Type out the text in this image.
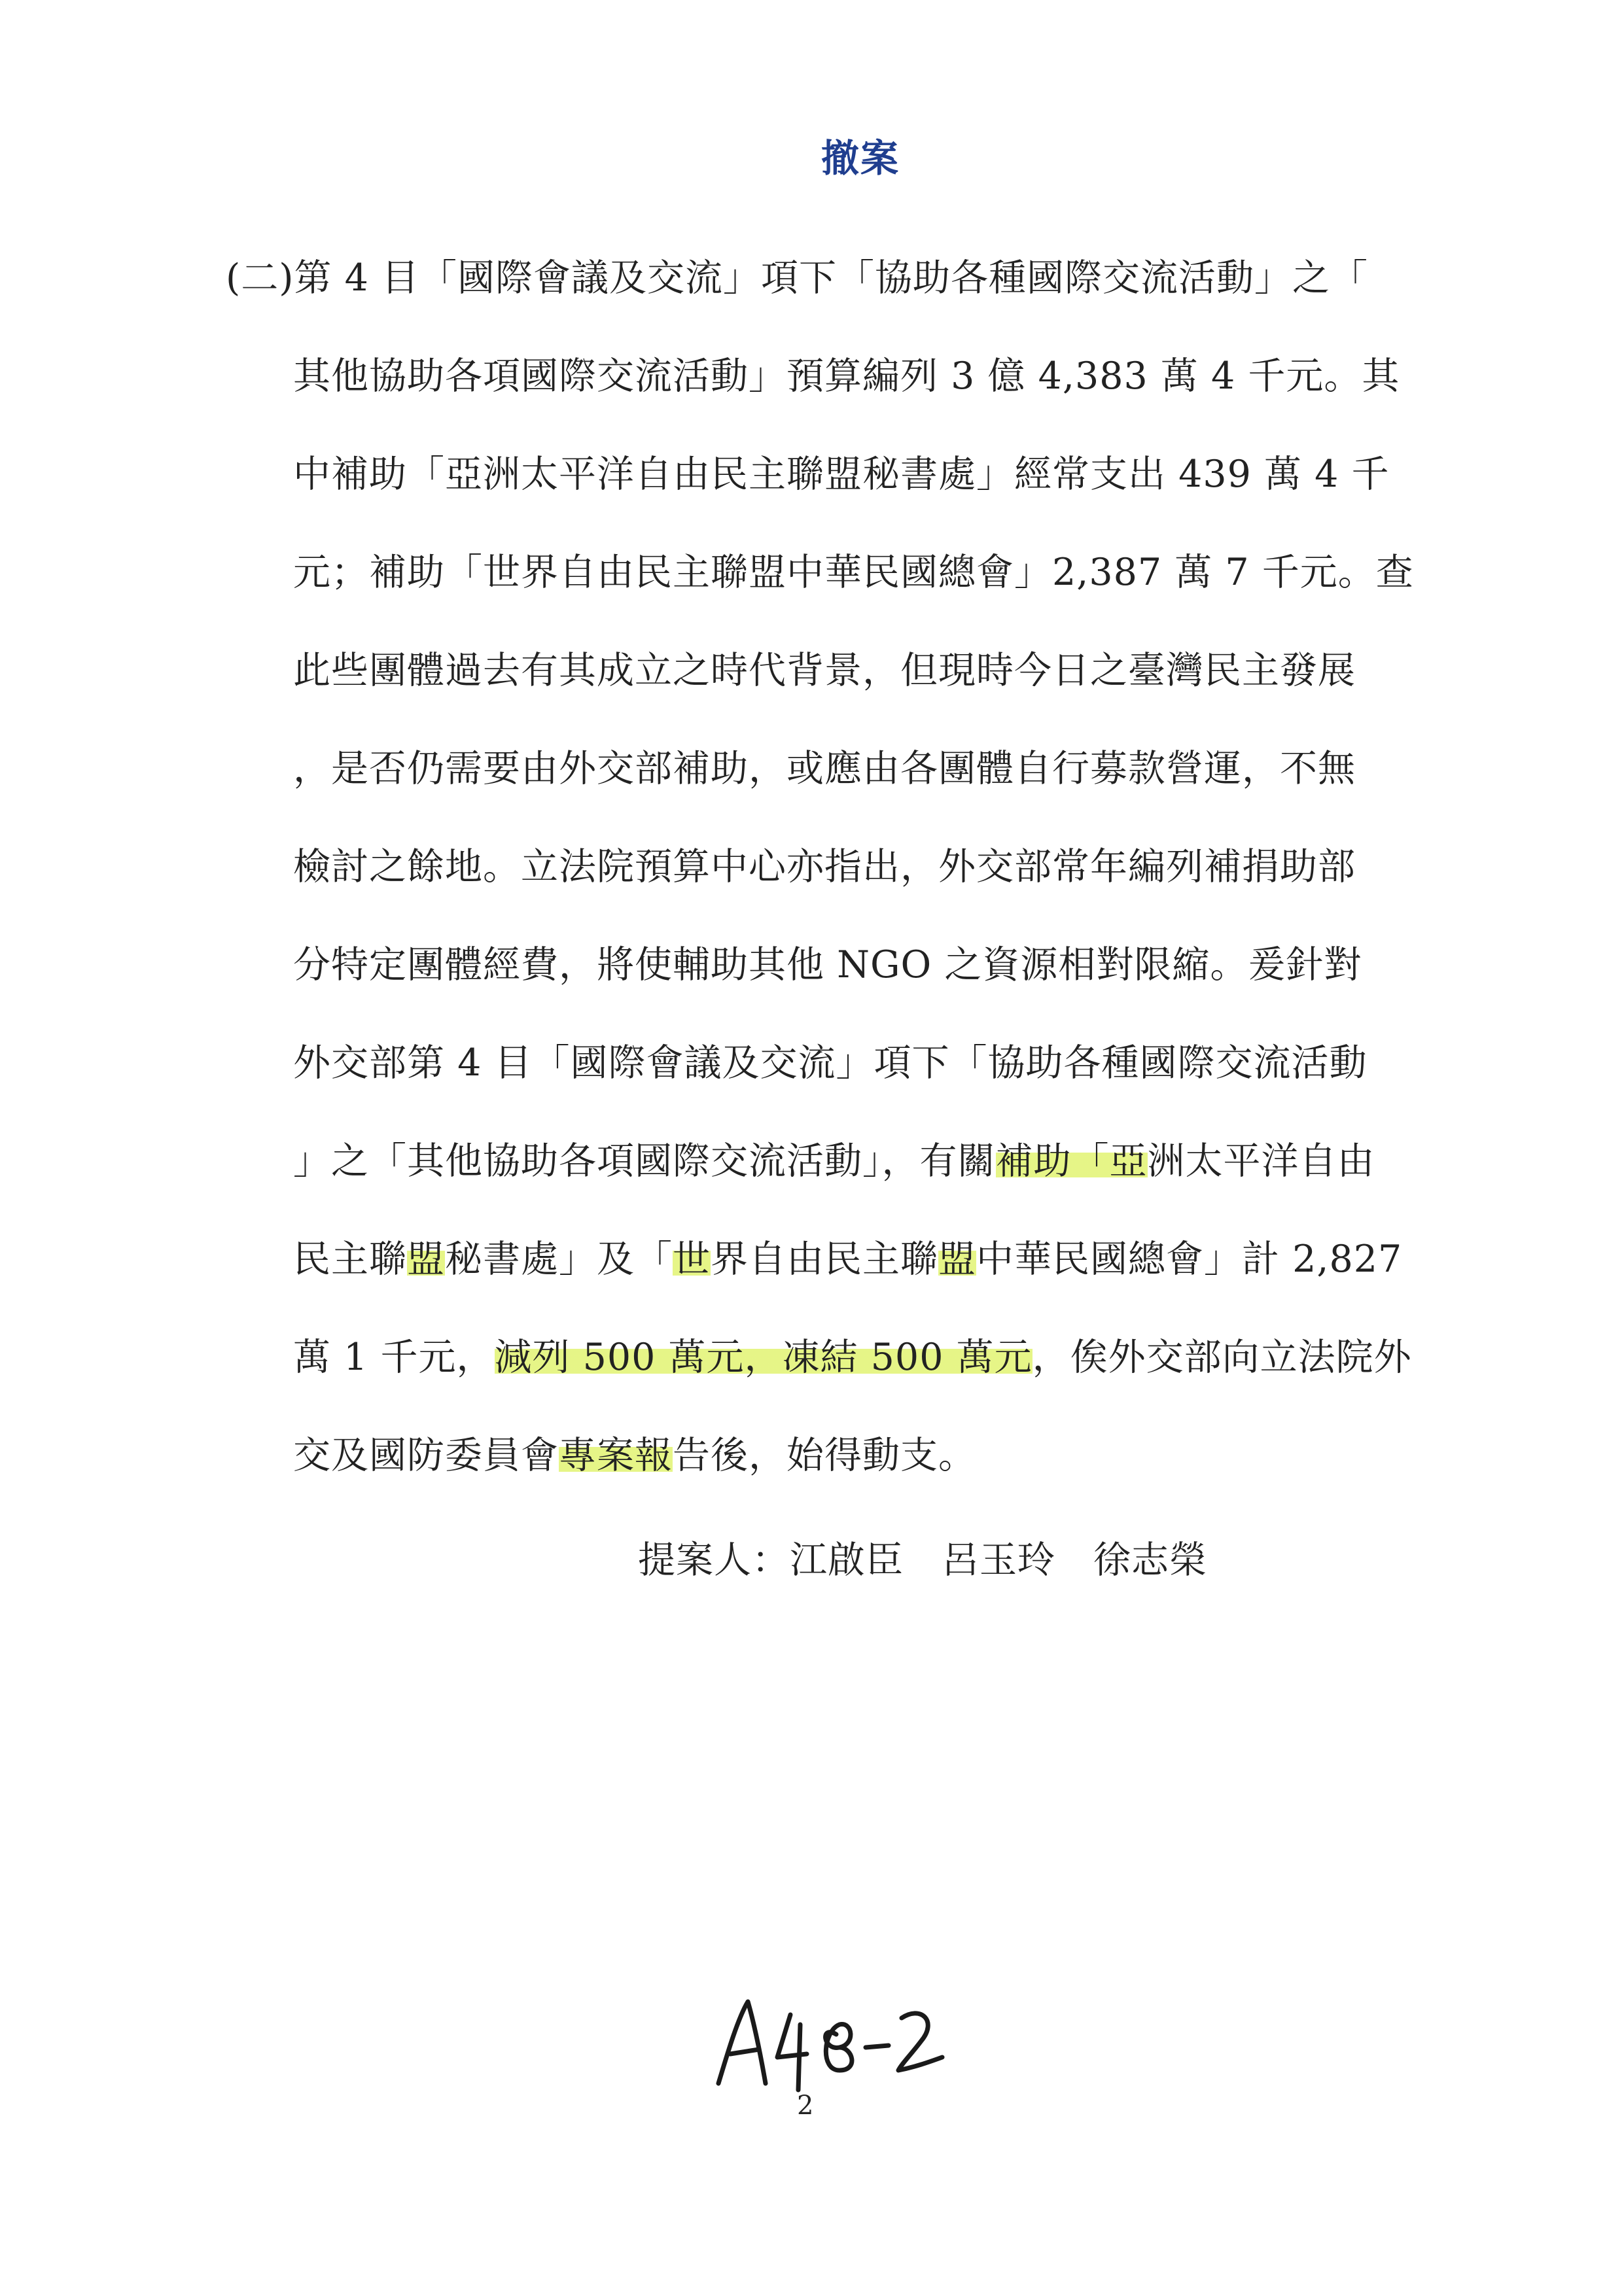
撤案
(二)第 4 目「國際會議及交流」項下「協助各種國際交流活動」之「
其他協助各項國際交流活動」預算編列 3 億 4,383 萬 4 千元。其
中補助「亞洲太平洋自由民主聯盟秘書處」經常支出 439 萬 4 千
元；補助「世界自由民主聯盟中華民國總會」2,387 萬 7 千元。查
此些團體過去有其成立之時代背景，但現時今日之臺灣民主發展
，是否仍需要由外交部補助，或應由各團體自行募款營運，不無
檢討之餘地。立法院預算中心亦指出，外交部常年編列補捐助部
分特定團體經費，將使輔助其他 NGO 之資源相對限縮。爰針對
外交部第 4 目「國際會議及交流」項下「協助各種國際交流活動
」之「其他協助各項國際交流活動」，有關補助「亞洲太平洋自由
民主聯盟秘書處」及「世界自由民主聯盟中華民國總會」計 2,827
萬 1 千元，減列 500 萬元，凍結 500 萬元，俟外交部向立法院外
交及國防委員會專案報告後，始得動支。
提案人：江啟臣　呂玉玲　徐志榮
2
